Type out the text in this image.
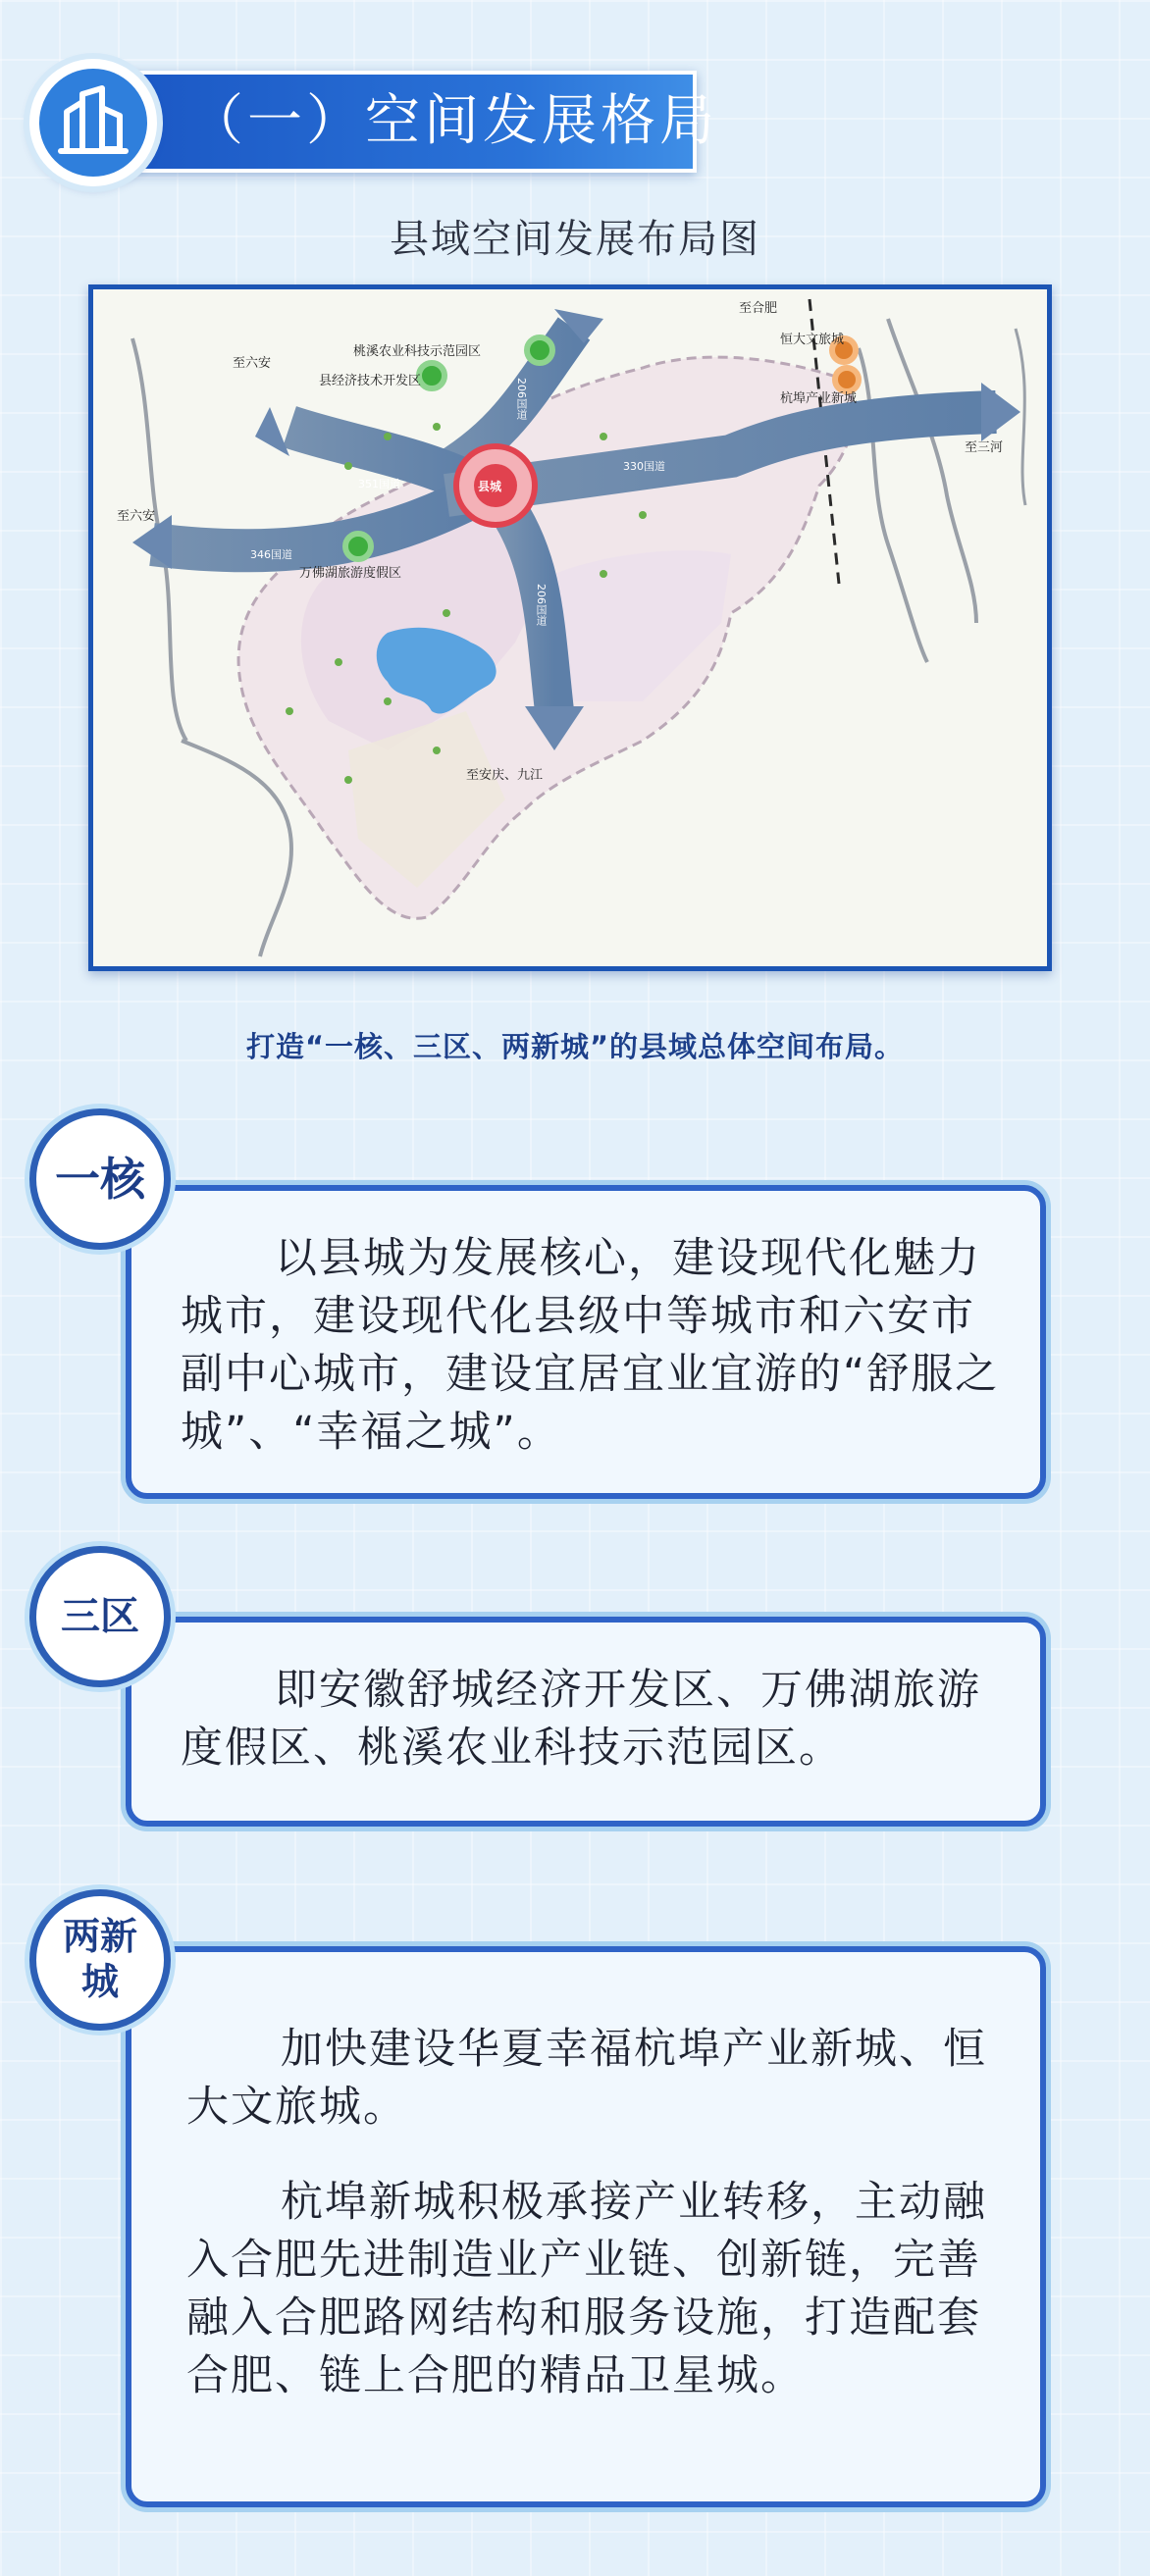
（一）空间发展格局
县域空间发展布局图
至合肥
桃溪农业科技示范园区
县经济技术开发区
至六安
至六安
恒大文旅城
杭埠产业新城
至三河
万佛湖旅游度假区
至安庆、九江
县城
351国道
330国道
346国道
206国道
206国道
打造“一核、三区、两新城”的县域总体空间布局。
以县城为发展核心，建设现代化魅力城市，建设现代化县级中等城市和六安市副中心城市，建设宜居宜业宜游的“舒服之城”、“幸福之城”。
一核
即安徽舒城经济开发区、万佛湖旅游度假区、桃溪农业科技示范园区。
三区
加快建设华夏幸福杭埠产业新城、恒大文旅城。
杭埠新城积极承接产业转移，主动融入合肥先进制造业产业链、创新链，完善融入合肥路网结构和服务设施，打造配套合肥、链上合肥的精品卫星城。
两新
城
